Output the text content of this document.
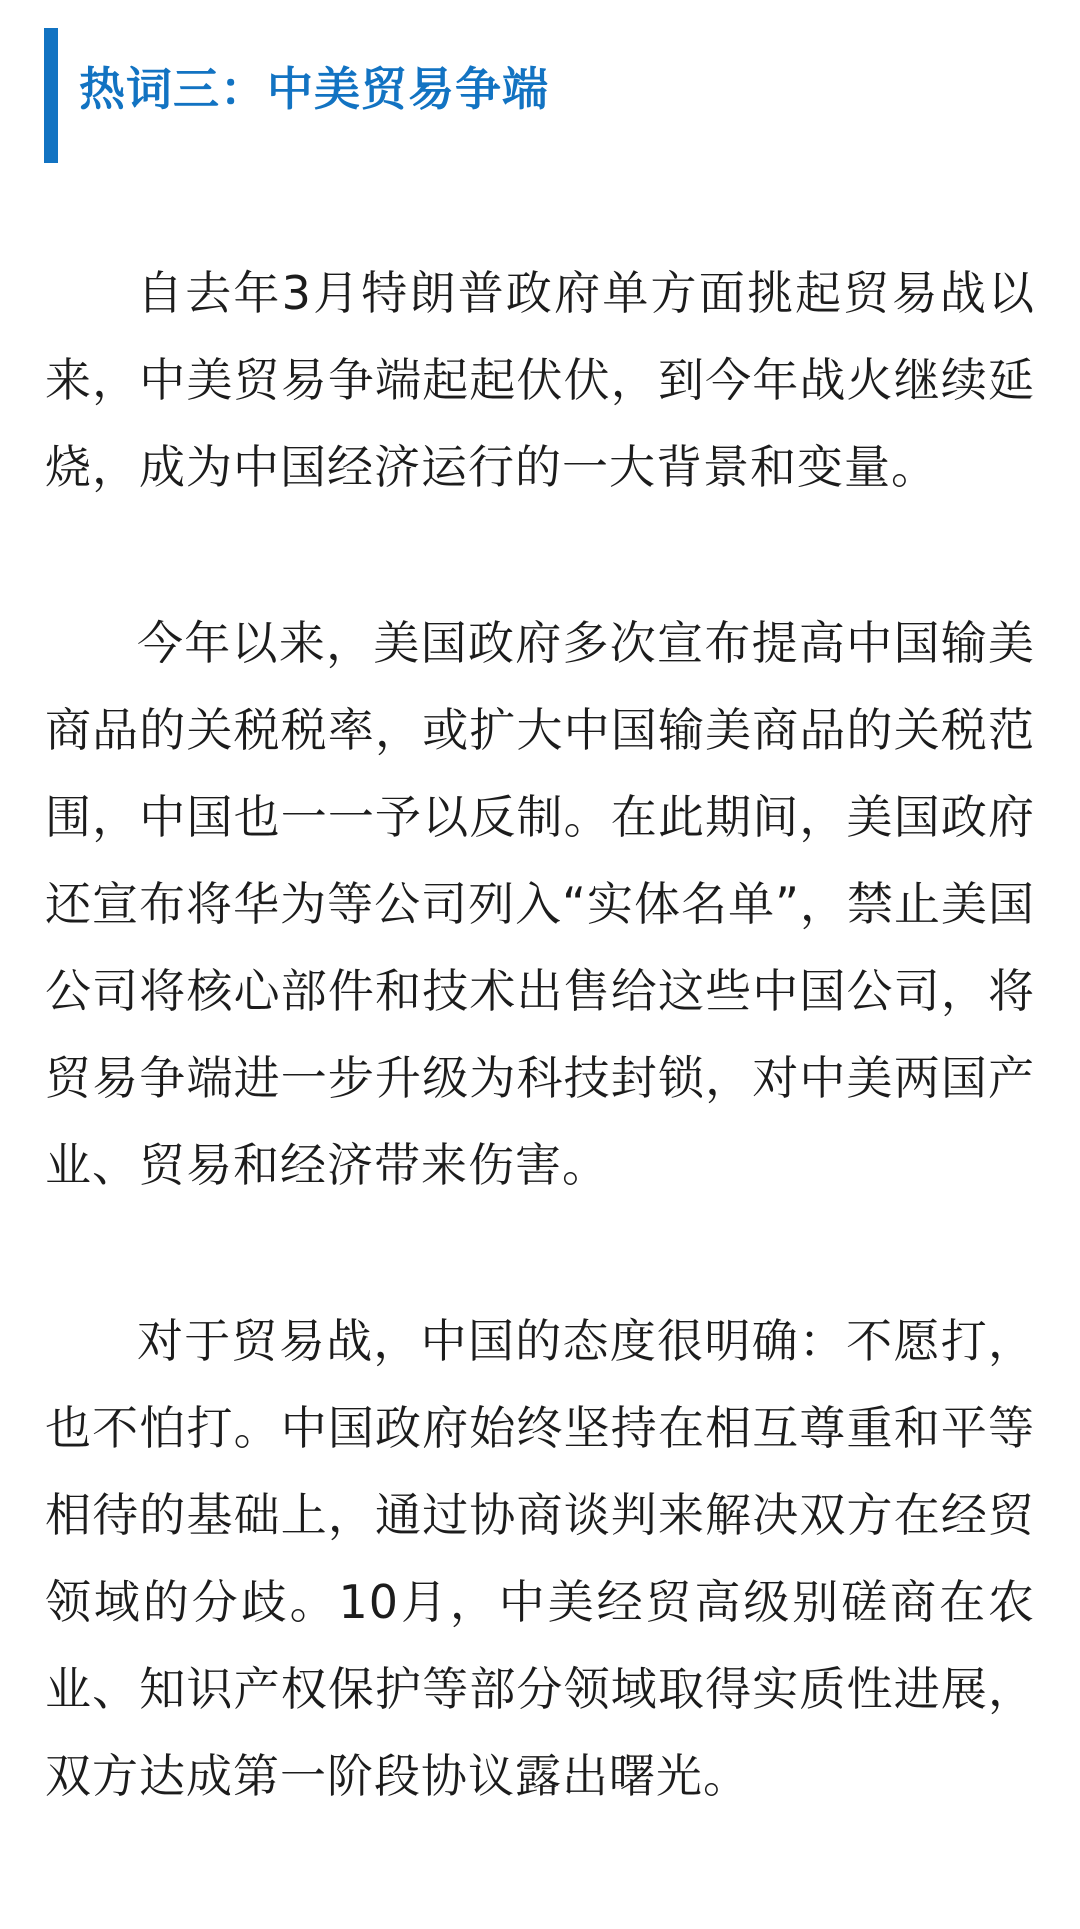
热词三：中美贸易争端

自去年3月特朗普政府单方面挑起贸易战以来，中美贸易争端起起伏伏，到今年战火继续延烧，成为中国经济运行的一大背景和变量。

今年以来，美国政府多次宣布提高中国输美商品的关税税率，或扩大中国输美商品的关税范围，中国也一一予以反制。在此期间，美国政府还宣布将华为等公司列入“实体名单”，禁止美国公司将核心部件和技术出售给这些中国公司，将贸易争端进一步升级为科技封锁，对中美两国产业、贸易和经济带来伤害。

对于贸易战，中国的态度很明确：不愿打，也不怕打。中国政府始终坚持在相互尊重和平等相待的基础上，通过协商谈判来解决双方在经贸领域的分歧。10月，中美经贸高级别磋商在农业、知识产权保护等部分领域取得实质性进展，双方达成第一阶段协议露出曙光。
